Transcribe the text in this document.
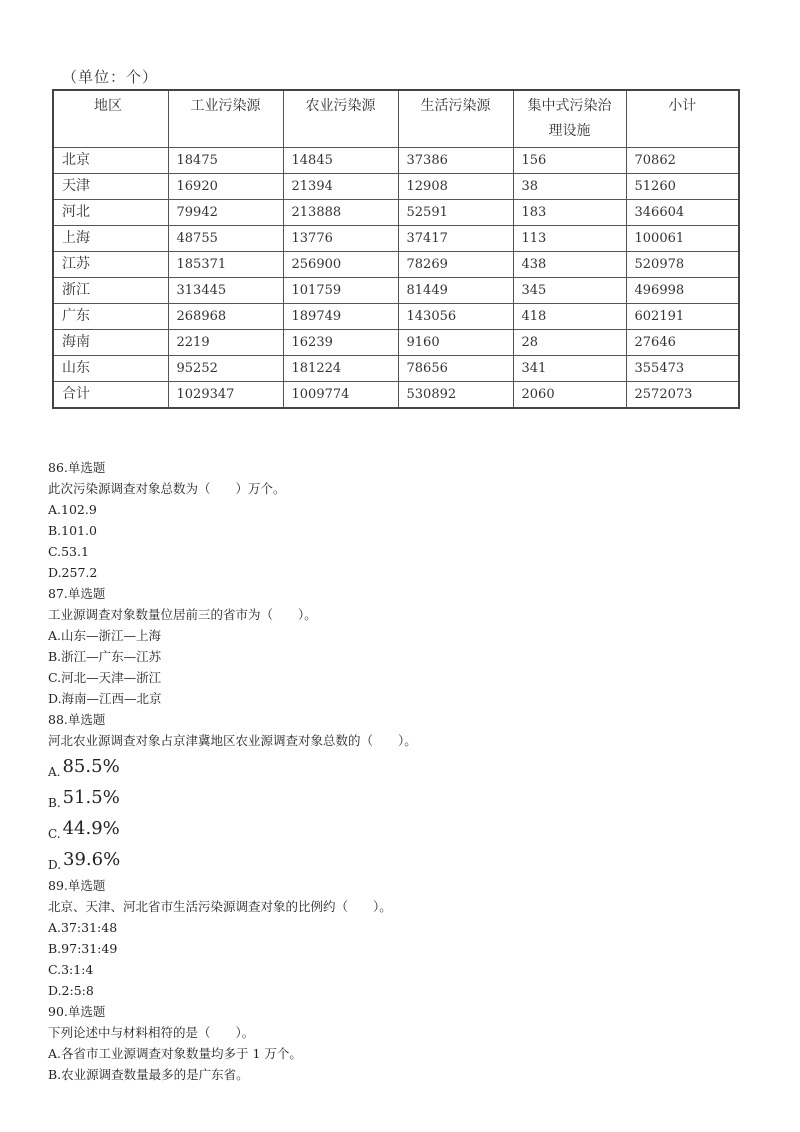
（单位：个）
地区	工业污染源	农业污染源	生活污染源	集中式污染治理设施	小计
北京	18475	14845	37386	156	70862
天津	16920	21394	12908	38	51260
河北	79942	213888	52591	183	346604
上海	48755	13776	37417	113	100061
江苏	185371	256900	78269	438	520978
浙江	313445	101759	81449	345	496998
广东	268968	189749	143056	418	602191
海南	2219	16239	9160	28	27646
山东	95252	181224	78656	341	355473
合计	1029347	1009774	530892	2060	2572073
86.单选题
此次污染源调查对象总数为（　　）万个。
A.102.9
B.101.0
C.53.1
D.257.2
87.单选题
工业源调查对象数量位居前三的省市为（　　）。
A.山东—浙江—上海
B.浙江—广东—江苏
C.河北—天津—浙江
D.海南—江西—北京
88.单选题
河北农业源调查对象占京津冀地区农业源调查对象总数的（　　）。
A. 85.5%
B. 51.5%
C. 44.9%
D. 39.6%
89.单选题
北京、天津、河北省市生活污染源调查对象的比例约（　　）。
A.37:31:48
B.97:31:49
C.3:1:4
D.2:5:8
90.单选题
下列论述中与材料相符的是（　　）。
A.各省市工业源调查对象数量均多于 1 万个。
B.农业源调查数量最多的是广东省。
